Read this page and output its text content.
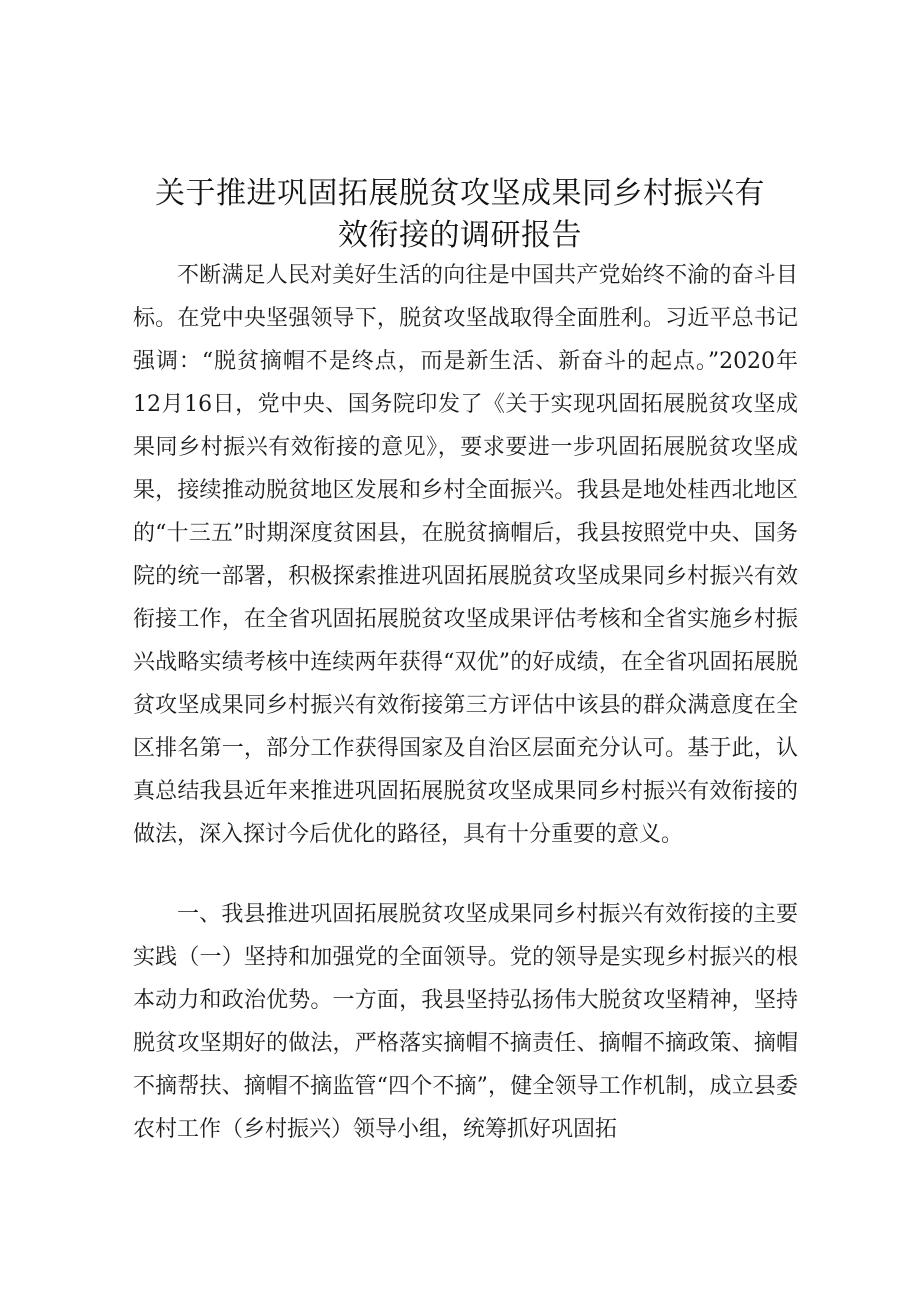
关于推进巩固拓展脱贫攻坚成果同乡村振兴有
效衔接的调研报告

不断满足人民对美好生活的向往是中国共产党始终不渝的奋斗目标。在党中央坚强领导下，脱贫攻坚战取得全面胜利。习近平总书记强调：“脱贫摘帽不是终点，而是新生活、新奋斗的起点。”2020年12月16日，党中央、国务院印发了《关于实现巩固拓展脱贫攻坚成果同乡村振兴有效衔接的意见》，要求要进一步巩固拓展脱贫攻坚成果，接续推动脱贫地区发展和乡村全面振兴。我县是地处桂西北地区的“十三五”时期深度贫困县，在脱贫摘帽后，我县按照党中央、国务院的统一部署，积极探索推进巩固拓展脱贫攻坚成果同乡村振兴有效衔接工作，在全省巩固拓展脱贫攻坚成果评估考核和全省实施乡村振兴战略实绩考核中连续两年获得“双优”的好成绩，在全省巩固拓展脱贫攻坚成果同乡村振兴有效衔接第三方评估中该县的群众满意度在全区排名第一，部分工作获得国家及自治区层面充分认可。基于此，认真总结我县近年来推进巩固拓展脱贫攻坚成果同乡村振兴有效衔接的做法，深入探讨今后优化的路径，具有十分重要的意义。

一、我县推进巩固拓展脱贫攻坚成果同乡村振兴有效衔接的主要实践（一）坚持和加强党的全面领导。党的领导是实现乡村振兴的根本动力和政治优势。一方面，我县坚持弘扬伟大脱贫攻坚精神，坚持脱贫攻坚期好的做法，严格落实摘帽不摘责任、摘帽不摘政策、摘帽不摘帮扶、摘帽不摘监管“四个不摘”，健全领导工作机制，成立县委农村工作（乡村振兴）领导小组，统筹抓好巩固拓
